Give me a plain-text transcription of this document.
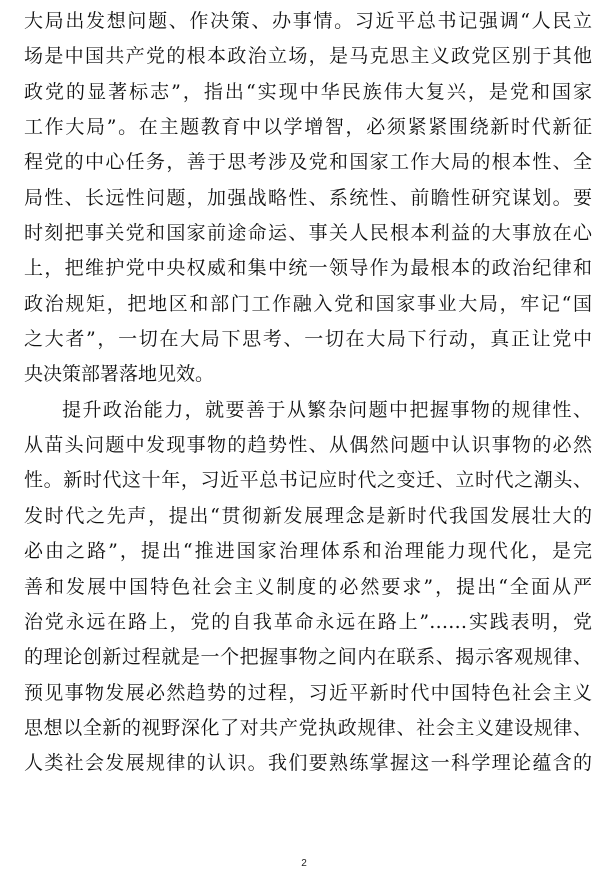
大局出发想问题、作决策、办事情。习近平总书记强调“人民立
场是中国共产党的根本政治立场，是马克思主义政党区别于其他
政党的显著标志”，指出“实现中华民族伟大复兴，是党和国家
工作大局”。在主题教育中以学增智，必须紧紧围绕新时代新征
程党的中心任务，善于思考涉及党和国家工作大局的根本性、全
局性、长远性问题，加强战略性、系统性、前瞻性研究谋划。要
时刻把事关党和国家前途命运、事关人民根本利益的大事放在心
上，把维护党中央权威和集中统一领导作为最根本的政治纪律和
政治规矩，把地区和部门工作融入党和国家事业大局，牢记“国
之大者”，一切在大局下思考、一切在大局下行动，真正让党中
央决策部署落地见效。
提升政治能力，就要善于从繁杂问题中把握事物的规律性、
从苗头问题中发现事物的趋势性、从偶然问题中认识事物的必然
性。新时代这十年，习近平总书记应时代之变迁、立时代之潮头、
发时代之先声，提出“贯彻新发展理念是新时代我国发展壮大的
必由之路”，提出“推进国家治理体系和治理能力现代化，是完
善和发展中国特色社会主义制度的必然要求”，提出“全面从严
治党永远在路上，党的自我革命永远在路上”……实践表明，党
的理论创新过程就是一个把握事物之间内在联系、揭示客观规律、
预见事物发展必然趋势的过程，习近平新时代中国特色社会主义
思想以全新的视野深化了对共产党执政规律、社会主义建设规律、
人类社会发展规律的认识。我们要熟练掌握这一科学理论蕴含的
2
